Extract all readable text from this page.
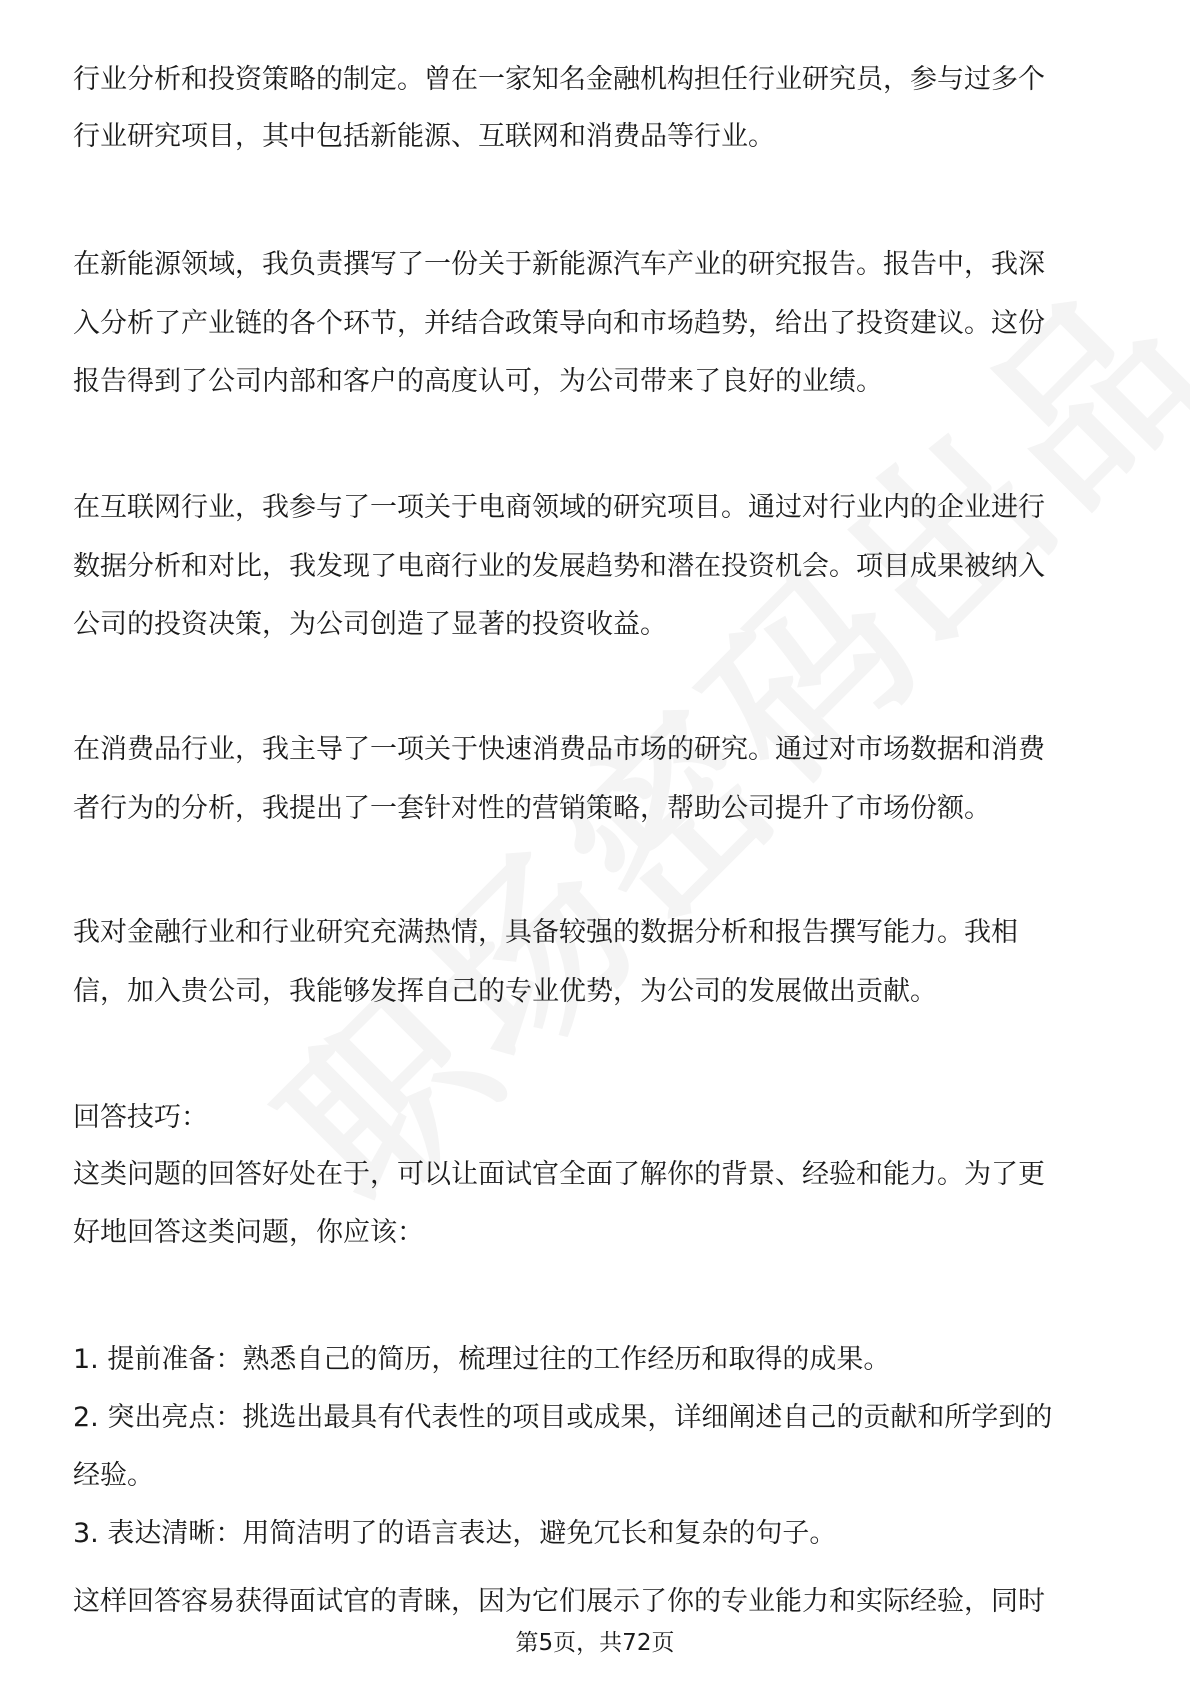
行业分析和投资策略的制定。曾在一家知名金融机构担任行业研究员，参与过多个
行业研究项目，其中包括新能源、互联网和消费品等行业。
在新能源领域，我负责撰写了一份关于新能源汽车产业的研究报告。报告中，我深
入分析了产业链的各个环节，并结合政策导向和市场趋势，给出了投资建议。这份
报告得到了公司内部和客户的高度认可，为公司带来了良好的业绩。
在互联网行业，我参与了一项关于电商领域的研究项目。通过对行业内的企业进行
数据分析和对比，我发现了电商行业的发展趋势和潜在投资机会。项目成果被纳入
公司的投资决策，为公司创造了显著的投资收益。
在消费品行业，我主导了一项关于快速消费品市场的研究。通过对市场数据和消费
者行为的分析，我提出了一套针对性的营销策略，帮助公司提升了市场份额。
我对金融行业和行业研究充满热情，具备较强的数据分析和报告撰写能力。我相
信，加入贵公司，我能够发挥自己的专业优势，为公司的发展做出贡献。
回答技巧：
这类问题的回答好处在于，可以让面试官全面了解你的背景、经验和能力。为了更
好地回答这类问题，你应该：
1. 提前准备：熟悉自己的简历，梳理过往的工作经历和取得的成果。
2. 突出亮点：挑选出最具有代表性的项目或成果，详细阐述自己的贡献和所学到的
经验。
3. 表达清晰：用简洁明了的语言表达，避免冗长和复杂的句子。
这样回答容易获得面试官的青睐，因为它们展示了你的专业能力和实际经验，同时
第5页，共72页
